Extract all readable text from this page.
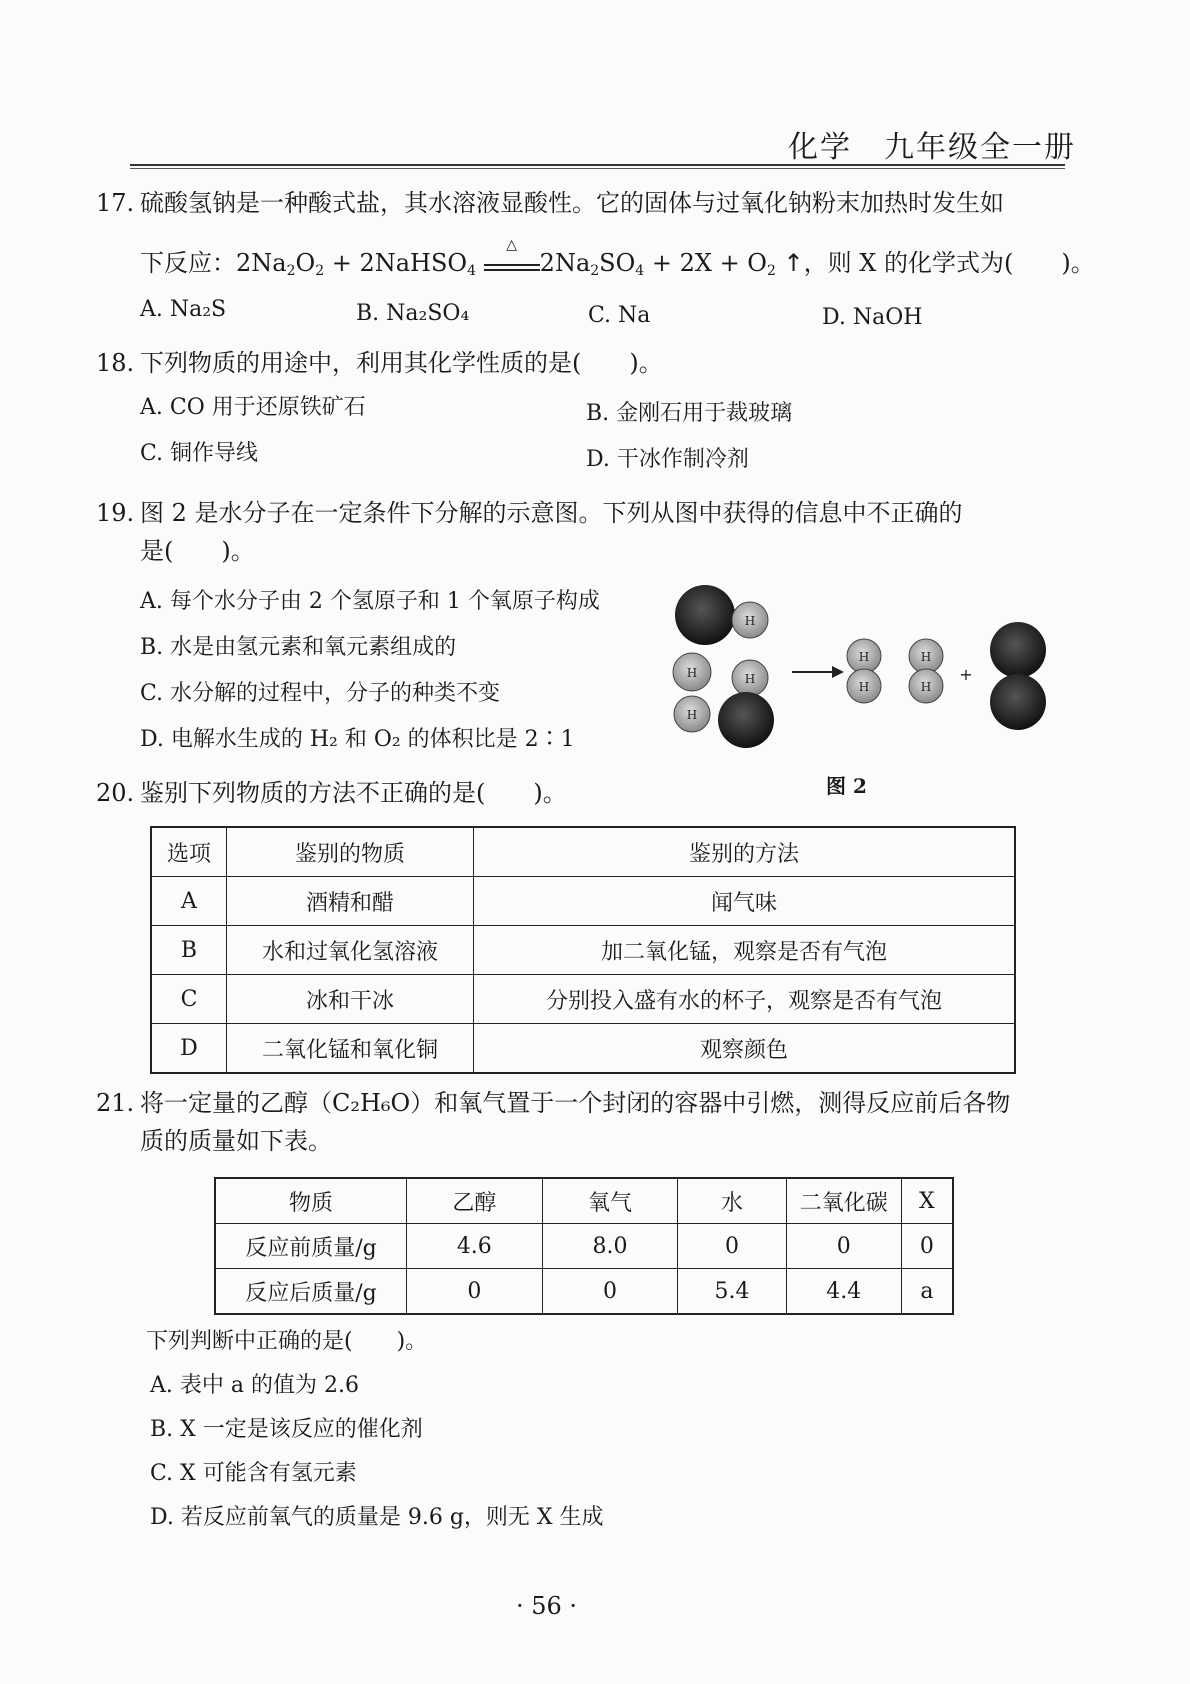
化学　九年级全一册
17. 硫酸氢钠是一种酸式盐，其水溶液显酸性。它的固体与过氧化钠粉末加热时发生如
下反应：$2Na_2O_2$ + 2NaHSO$_4$
△
$2Na_2SO_4 + 2X + O_2$ ↑，则 X 的化学式为(　　)。
A. Na₂S	B. Na₂SO₄	C. Na	D. NaOH
18. 下列物质的用途中，利用其化学性质的是(　　)。
A. CO 用于还原铁矿石	B. 金刚石用于裁玻璃
C. 铜作导线	D. 干冰作制冷剂
19. 图 2 是水分子在一定条件下分解的示意图。下列从图中获得的信息中不正确的
是(　　)。
A. 每个水分子由 2 个氢原子和 1 个氧原子构成
B. 水是由氢元素和氧元素组成的
C. 水分解的过程中，分子的种类不变
D. 电解水生成的 H₂ 和 O₂ 的体积比是 2∶1
H
H	H
H
H
H
H
H
+
图 2
20. 鉴别下列物质的方法不正确的是(　　)。
选项	鉴别的物质	鉴别的方法
A	酒精和醋	闻气味
B	水和过氧化氢溶液	加二氧化锰，观察是否有气泡
C	冰和干冰	分别投入盛有水的杯子，观察是否有气泡
D	二氧化锰和氧化铜	观察颜色
21. 将一定量的乙醇（C₂H₆O）和氧气置于一个封闭的容器中引燃，测得反应前后各物
质的质量如下表。
物质	乙醇	氧气	水	二氧化碳	X
反应前质量/g	4.6	8.0	0	0	0
反应后质量/g	0	0	5.4	4.4	a
下列判断中正确的是(　　)。
A. 表中 a 的值为 2.6
B. X 一定是该反应的催化剂
C. X 可能含有氢元素
D. 若反应前氧气的质量是 9.6 g，则无 X 生成
· 56 ·
